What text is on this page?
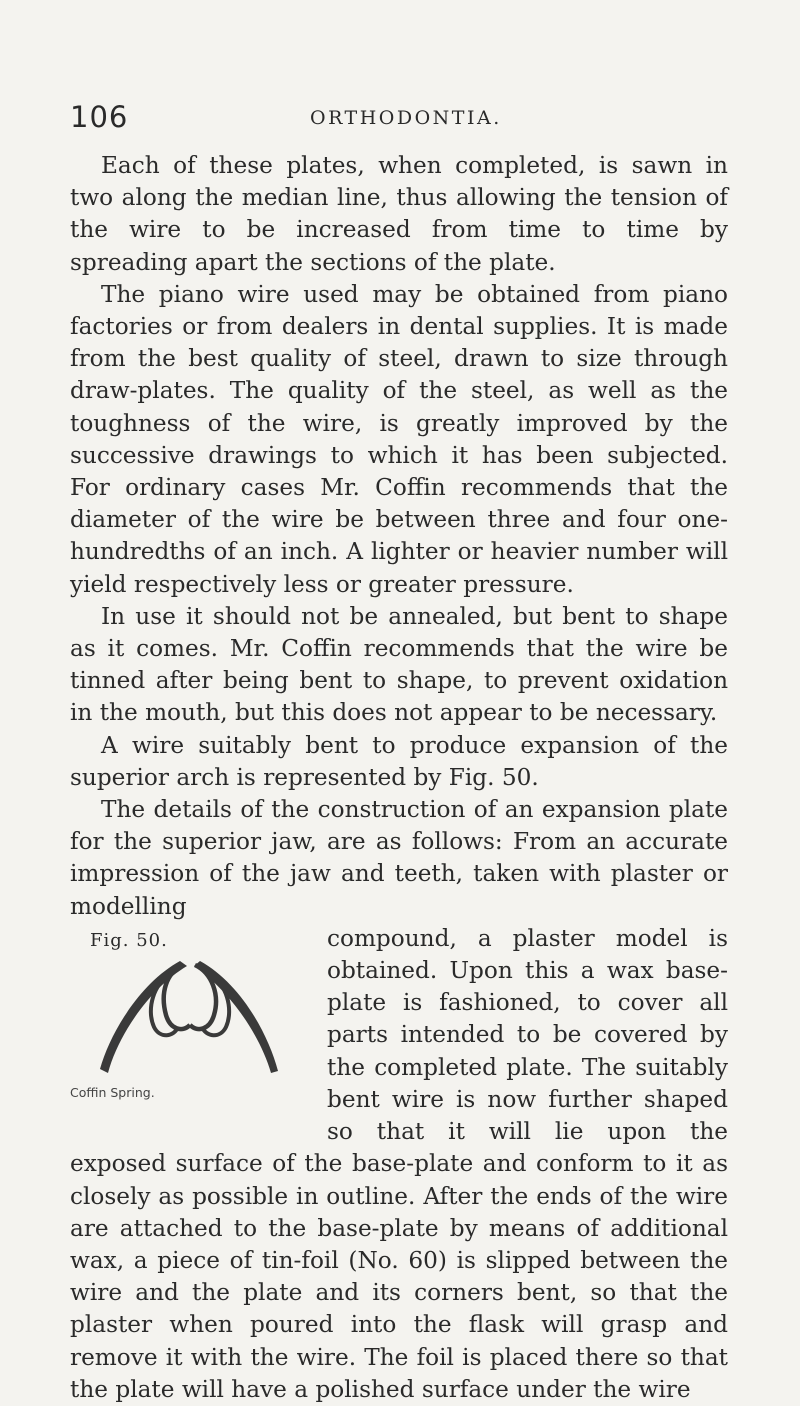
106	ORTHODONTIA.

Each of these plates, when completed, is sawn in two along the median line, thus allowing the tension of the wire to be increased from time to time by spreading apart the sections of the plate.

The piano wire used may be obtained from piano factories or from dealers in dental supplies. It is made from the best quality of steel, drawn to size through draw-plates. The quality of the steel, as well as the toughness of the wire, is greatly improved by the successive drawings to which it has been subjected. For ordinary cases Mr. Coffin recommends that the diameter of the wire be between three and four one-hundredths of an inch. A lighter or heavier number will yield respectively less or greater pressure.

In use it should not be annealed, but bent to shape as it comes. Mr. Coffin recommends that the wire be tinned after being bent to shape, to prevent oxidation in the mouth, but this does not appear to be necessary.

A wire suitably bent to produce expansion of the superior arch is represented by Fig. 50.

The details of the construction of an expansion plate for the superior jaw, are as follows: From an accurate impression of the jaw and teeth, taken with plaster or modelling

Fig. 50.
Coffin Spring.

compound, a plaster model is obtained. Upon this a wax base-plate is fashioned, to cover all parts intended to be covered by the completed plate. The suitably bent wire is now further shaped so that it will lie upon the exposed surface of the base-plate and conform to it as closely as possible in outline. After the ends of the wire are attached to the base-plate by means of additional wax, a piece of tin-foil (No. 60) is slipped between the wire and the plate and its corners bent, so that the plaster when poured into the flask will grasp and remove it with the wire. The foil is placed there so that the plate will have a polished surface under the wire
